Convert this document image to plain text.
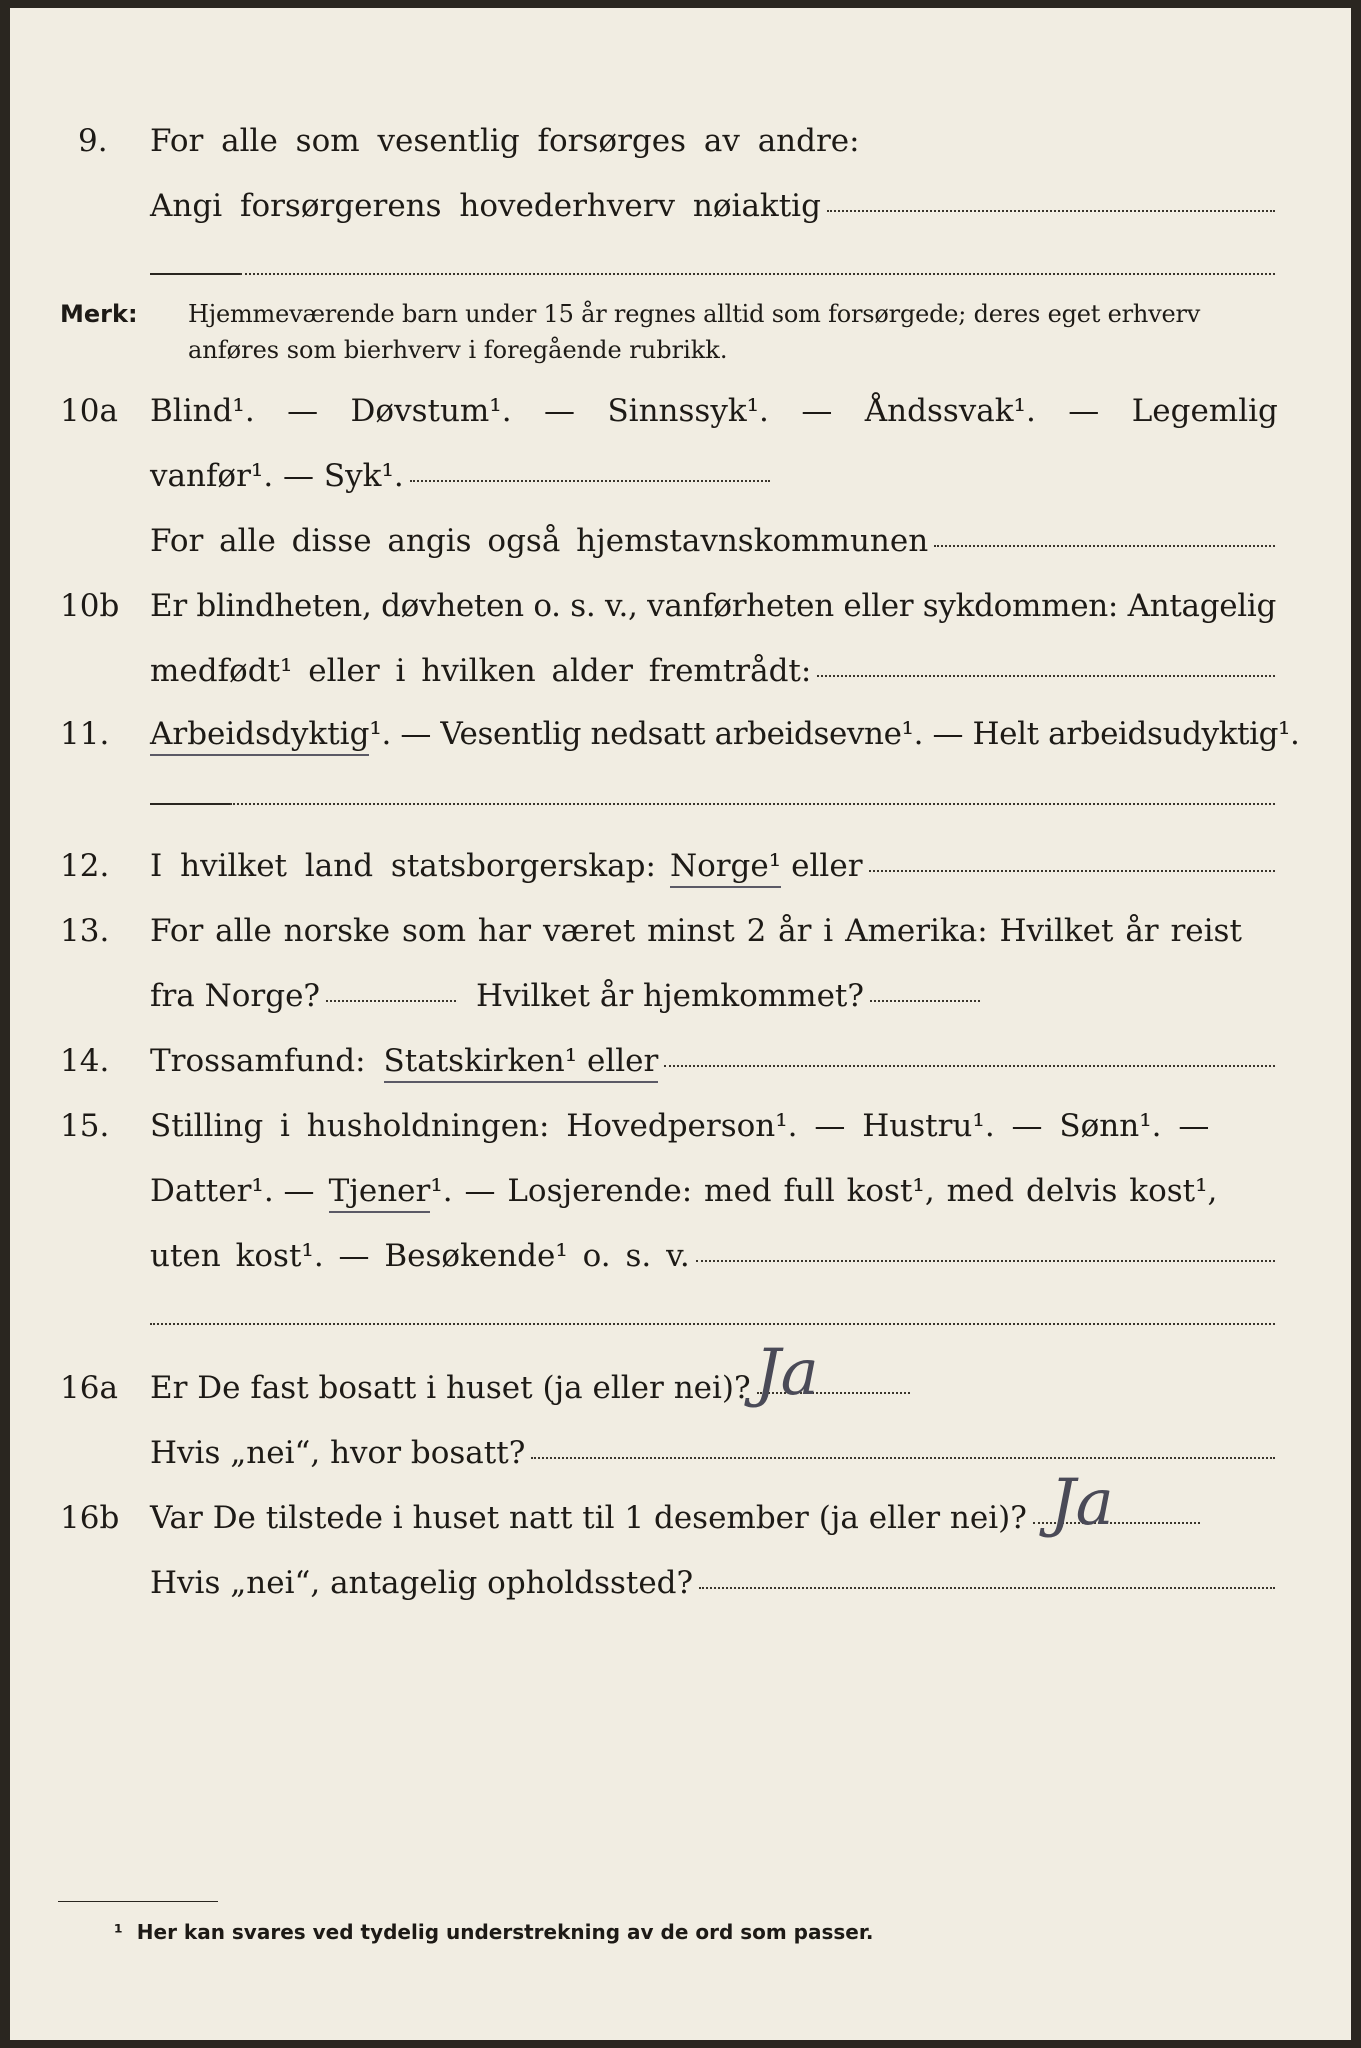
9.	For alle som vesentlig forsørges av andre:
Angi forsørgerens hovederhverv nøiaktig
Merk: Hjemmeværende barn under 15 år regnes alltid som forsørgede; deres eget erhverv
anføres som bierhverv i foregående rubrikk.
10a	Blind¹. — Døvstum¹. — Sinnssyk¹. — Åndssvak¹. — Legemlig
vanfør¹. — Syk¹.
For alle disse angis også hjemstavnskommunen
10b Er blindheten, døvheten o. s. v., vanførheten eller sykdommen: Antagelig
medfødt¹ eller i hvilken alder fremtrådt:
11.	Arbeidsdyktig ¹. — Vesentlig nedsatt arbeidsevne¹. — Helt arbeidsudyktig¹.
12.	I hvilket land statsborgerskap: Norge¹ eller
13.	For alle norske som har været minst 2 år i Amerika: Hvilket år reist
fra Norge?	Hvilket år hjemkommet?
14.	Trossamfund: Statskirken¹ eller
15.	Stilling i husholdningen: Hovedperson¹. — Hustru¹. — Sønn¹. —
Datter¹. — Tjener ¹. — Losjerende: med full kost¹, med delvis kost¹,
uten kost¹. — Besøkende¹ o. s. v.
16a	Er De fast bosatt i huset (ja eller nei)? Ja
Hvis „nei“, hvor bosatt?
16b Var De tilstede i huset natt til 1 desember (ja eller nei)? Ja
Hvis „nei“, antagelig opholdssted?
¹ Her kan svares ved tydelig understrekning av de ord som passer.
